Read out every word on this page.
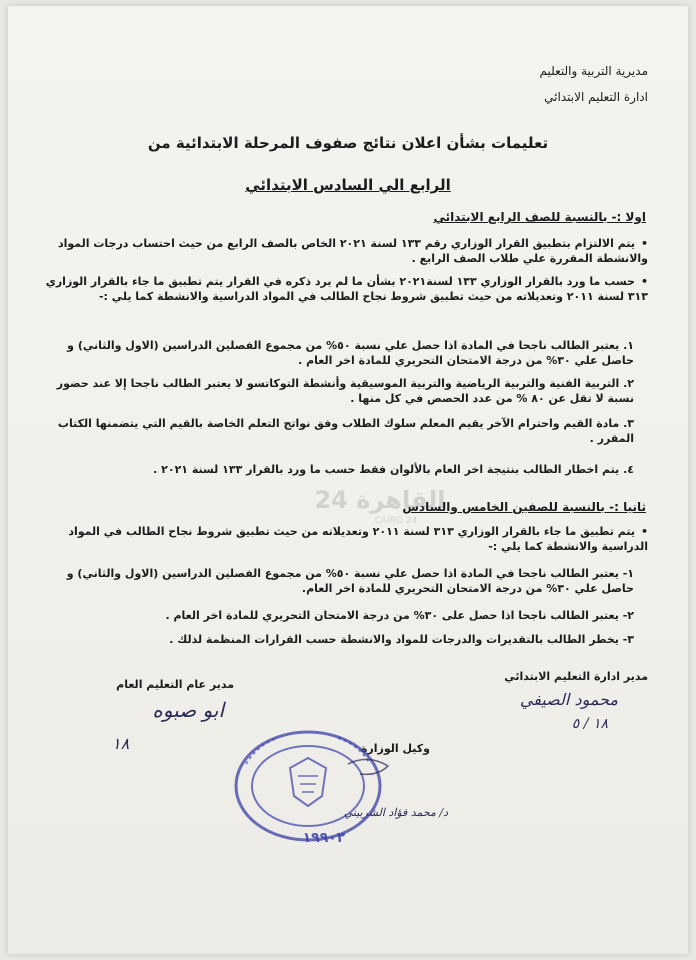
مديرية التربية والتعليم
ادارة التعليم الابتدائي
تعليمات بشأن اعلان نتائج صفوف المرحلة الابتدائية من
الرابع الي السادس الابتدائي
اولا :- بالنسبة للصف الرابع الابتدائي
• يتم الالتزام بتطبيق القرار الوزاري رقم ١٣٣ لسنة ٢٠٢١ الخاص بالصف الرابع من حيث احتساب درجات المواد والانشطة المقررة علي طلاب الصف الرابع .
• حسب ما ورد بالقرار الوزاري ١٣٣ لسنة٢٠٢١ بشأن ما لم يرد ذكره في القرار يتم تطبيق ما جاء بالقرار الوزاري ٣١٣ لسنة ٢٠١١ وتعديلاته من حيث تطبيق شروط نجاح الطالب في المواد الدراسية والانشطة كما يلي :-
١. يعتبر الطالب ناجحا في المادة اذا حصل علي نسبة ٥٠% من مجموع الفصلين الدراسين (الاول والثاني) و حاصل علي ٣٠% من درجة الامتحان التحريري للمادة اخر العام .
٢. التربية الفنية والتربية الرياضية والتربية الموسيقية وأنشطة التوكاتسو لا يعتبر الطالب ناجحا إلا عند حضور نسبة لا تقل عن ٨٠ % من عدد الحصص في كل منها .
٣. مادة القيم واحترام الآخر يقيم المعلم سلوك الطلاب وفق نواتج التعلم الخاصة بالقيم التي يتضمنها الكتاب المقرر .
٤. يتم اخطار الطالب بنتيجة اخر العام بالألوان فقط حسب ما ورد بالقرار ١٣٣ لسنة ٢٠٢١ .
القاهرة 24
CAIRO 24
ثانيا :- بالنسبة للصفين الخامس والسادس
• يتم تطبيق ما جاء بالقرار الوزاري ٣١٣ لسنة ٢٠١١ وتعديلاته من حيث تطبيق شروط نجاح الطالب في المواد الدراسية والانشطة كما يلي :-
١- يعتبر الطالب ناجحا في المادة اذا حصل علي نسبة ٥٠% من مجموع الفصلين الدراسين (الاول والثاني) و حاصل علي ٣٠% من درجة الامتحان التحريري للمادة اخر العام.
٢- يعتبر الطالب ناجحا اذا حصل على ٣٠% من درجة الامتحان التحريري للمادة اخر العام .
٣- يخطر الطالب بالتقديرات والدرجات للمواد والانشطة حسب القرارات المنظمة لذلك .
مدير ادارة التعليم الابتدائي
محمود الصيفي
١٨ / ٥
مدير عام التعليم العام
ابو صبوه
١٨	وكيل الوزارة
د/ محمد فؤاد الشربيني
١٩٩٠٢
